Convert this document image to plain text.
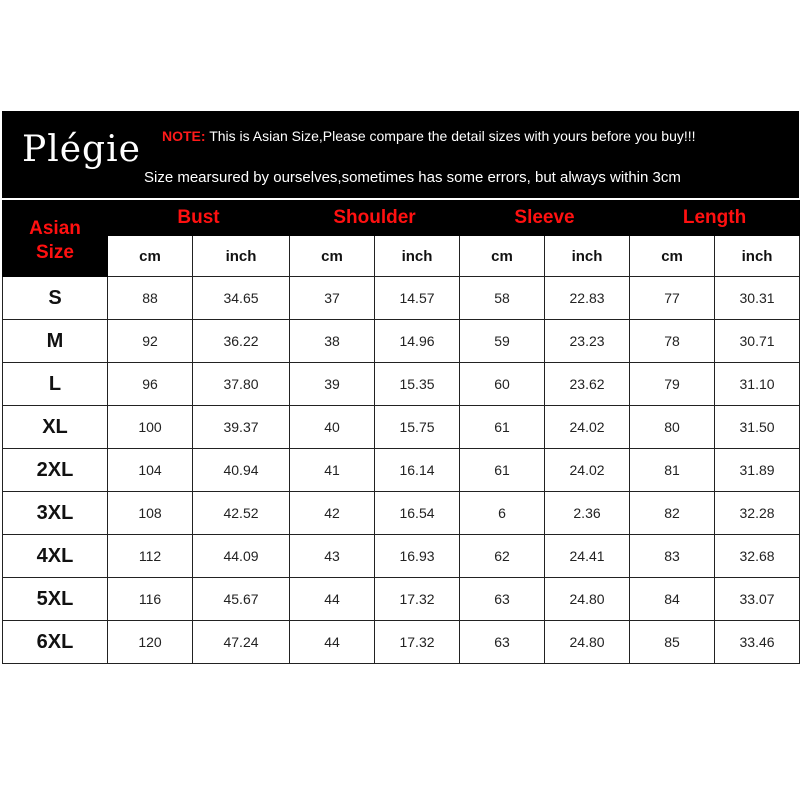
Plégie NOTE: This is Asian Size,Please compare the detail sizes with yours before you buy!!!
Size mearsured by ourselves,sometimes has some errors, but always within 3cm
Asian
Size	Bust		Shoulder		Sleeve		Length	
	cm	inch	cm	inch	cm	inch	cm	inch
S	88	34.65	37	14.57	58	22.83	77	30.31
M	92	36.22	38	14.96	59	23.23	78	30.71
L	96	37.80	39	15.35	60	23.62	79	31.10
XL	100	39.37	40	15.75	61	24.02	80	31.50
2XL	104	40.94	41	16.14	61	24.02	81	31.89
3XL	108	42.52	42	16.54	6	2.36	82	32.28
4XL	112	44.09	43	16.93	62	24.41	83	32.68
5XL	116	45.67	44	17.32	63	24.80	84	33.07
6XL	120	47.24	44	17.32	63	24.80	85	33.46
